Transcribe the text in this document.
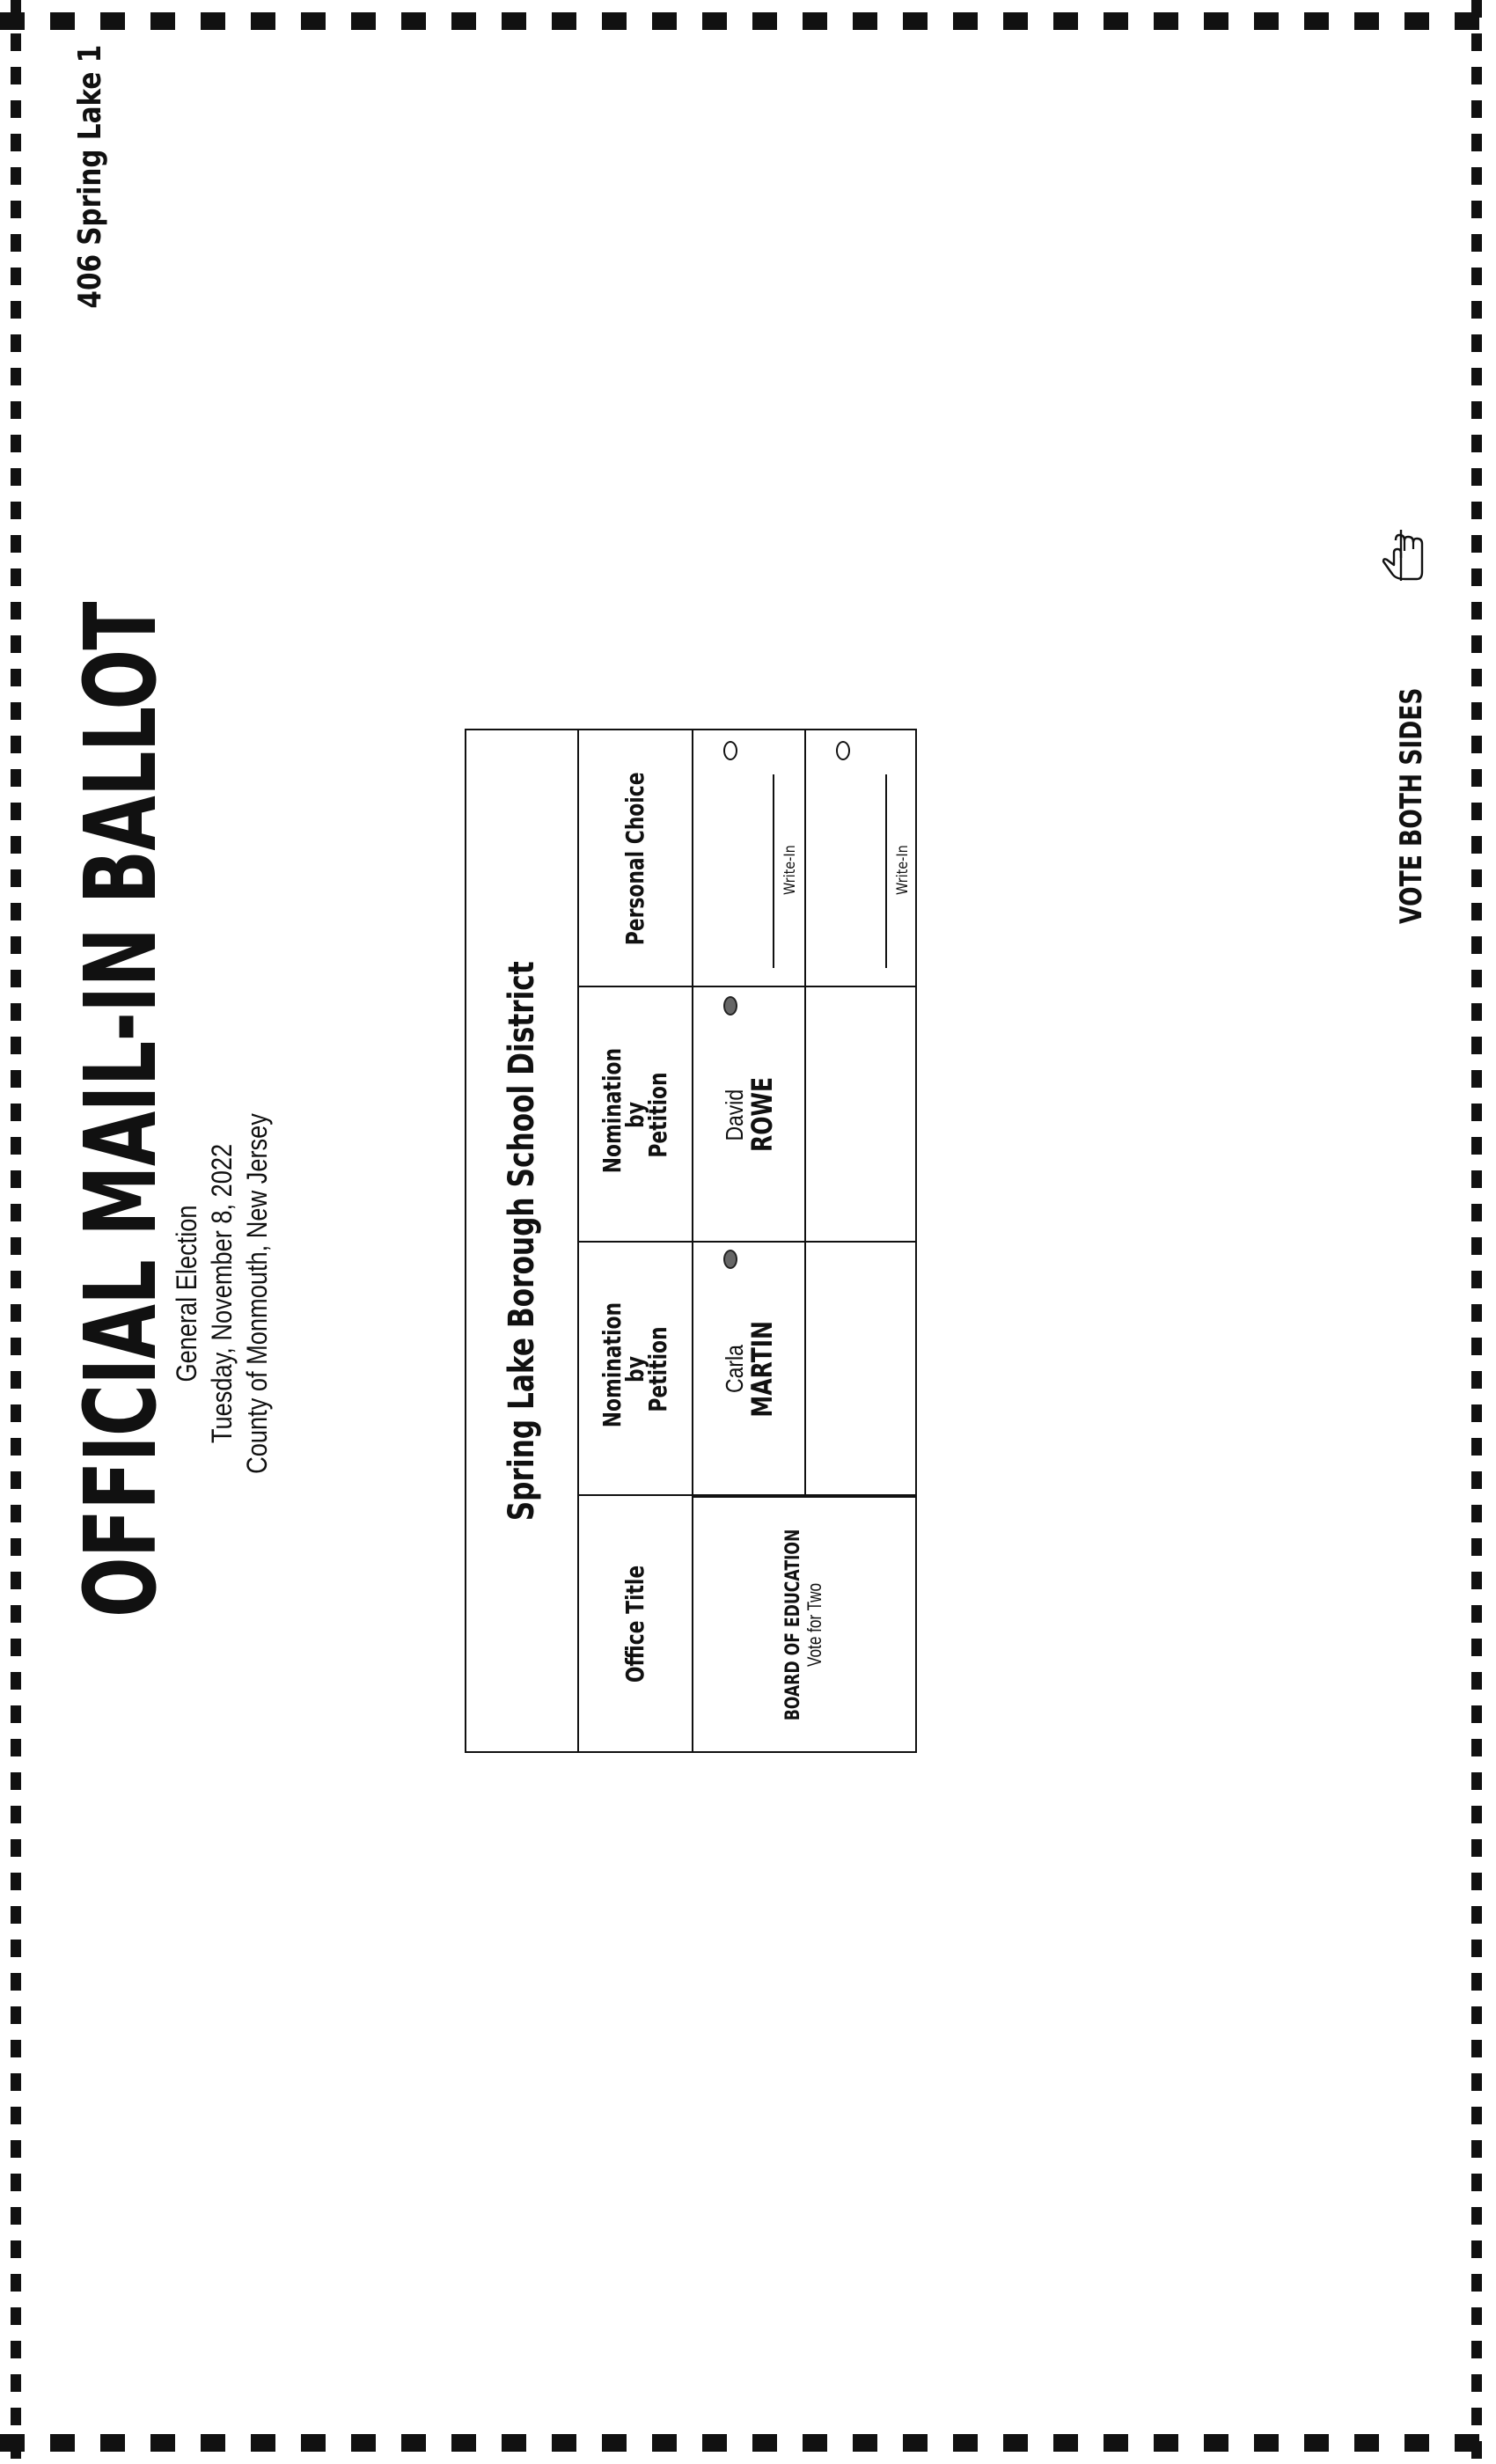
OFFICIAL MAIL-IN BALLOT
General Election Tuesday, November 8, 2022 County of Monmouth, New Jersey
406 Spring Lake 1
Spring Lake Borough School District
Office Title
Nomination by Petition
Nomination by Petition
Personal Choice
Carla
MARTIN
David
ROWE
Write-In	Write-In
BOARD OF EDUCATION Vote for Two
VOTE BOTH SIDES
